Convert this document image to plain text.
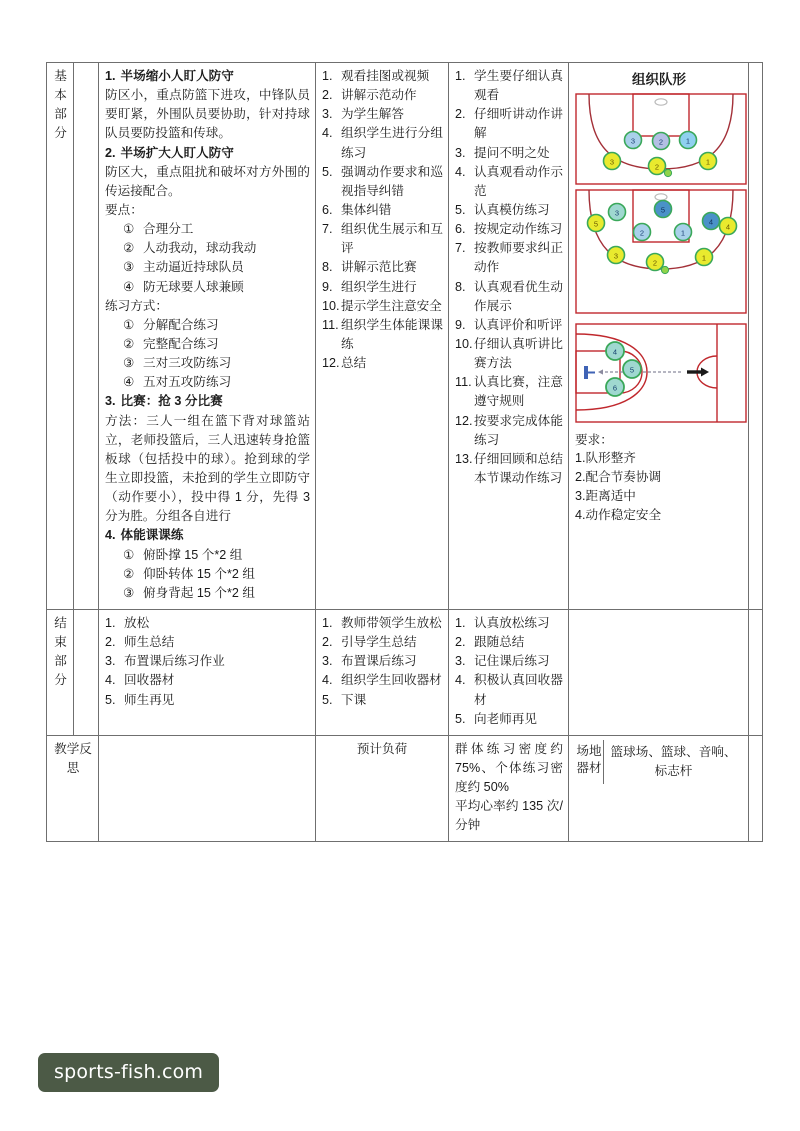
基本部分

1. 半场缩小人盯人防守
防区小，重点防篮下进攻，中锋队员要盯紧，外围队员要协助，针对持球队员要防投篮和传球。
2. 半场扩大人盯人防守
防区大，重点阻扰和破坏对方外围的传运接配合。
要点：
① 合理分工
② 人动我动，球动我动
③ 主动逼近持球队员
④ 防无球要人球兼顾
练习方式：
① 分解配合练习
② 完整配合练习
③ 三对三攻防练习
④ 五对五攻防练习
3. 比赛：抢 3 分比赛
方法：三人一组在篮下背对球篮站立，老师投篮后，三人迅速转身抢篮板球（包括投中的球）。抢到球的学生立即投篮，未抢到的学生立即防守（动作要小），投中得 1 分，先得 3 分为胜。分组各自进行
4. 体能课课练
① 俯卧撑 15 个*2 组
② 仰卧转体 15 个*2 组
③ 俯身背起 15 个*2 组

1. 观看挂图或视频
2. 讲解示范动作
3. 为学生解答
4. 组织学生进行分组练习
5. 强调动作要求和巡视指导纠错
6. 集体纠错
7. 组织优生展示和互评
8. 讲解示范比赛
9. 组织学生进行
10. 提示学生注意安全
11. 组织学生体能课课练
12. 总结

1. 学生要仔细认真观看
2. 仔细听讲动作讲解
3. 提问不明之处
4. 认真观看动作示范
5. 认真模仿练习
6. 按规定动作练习
7. 按教师要求纠正动作
8. 认真观看优生动作展示
9. 认真评价和听评
10. 仔细认真听讲比赛方法
11. 认真比赛，注意遵守规则
12. 按要求完成体能练习
13. 仔细回顾和总结本节课动作练习

组织队形
3	2	1
3
2
1
3	5
2	1
4
5	4
3
2
1
4
5
6
要求：
1.队形整齐
2.配合节奏协调
3.距离适中
4.动作稳定安全

结束部分

1. 放松
2. 师生总结
3. 布置课后练习作业
4. 回收器材
5. 师生再见

1. 教师带领学生放松
2. 引导学生总结
3. 布置课后练习
4. 组织学生回收器材
5. 下课

1. 认真放松练习
2. 跟随总结
3. 记住课后练习
4. 积极认真回收器材
5. 向老师再见

教学反思		预计负荷	群体练习密度约 75%、个体练习密度约 50%
平均心率约 135 次/分钟

场地器材	篮球场、篮球、音响、标志杆

sports-fish.com
